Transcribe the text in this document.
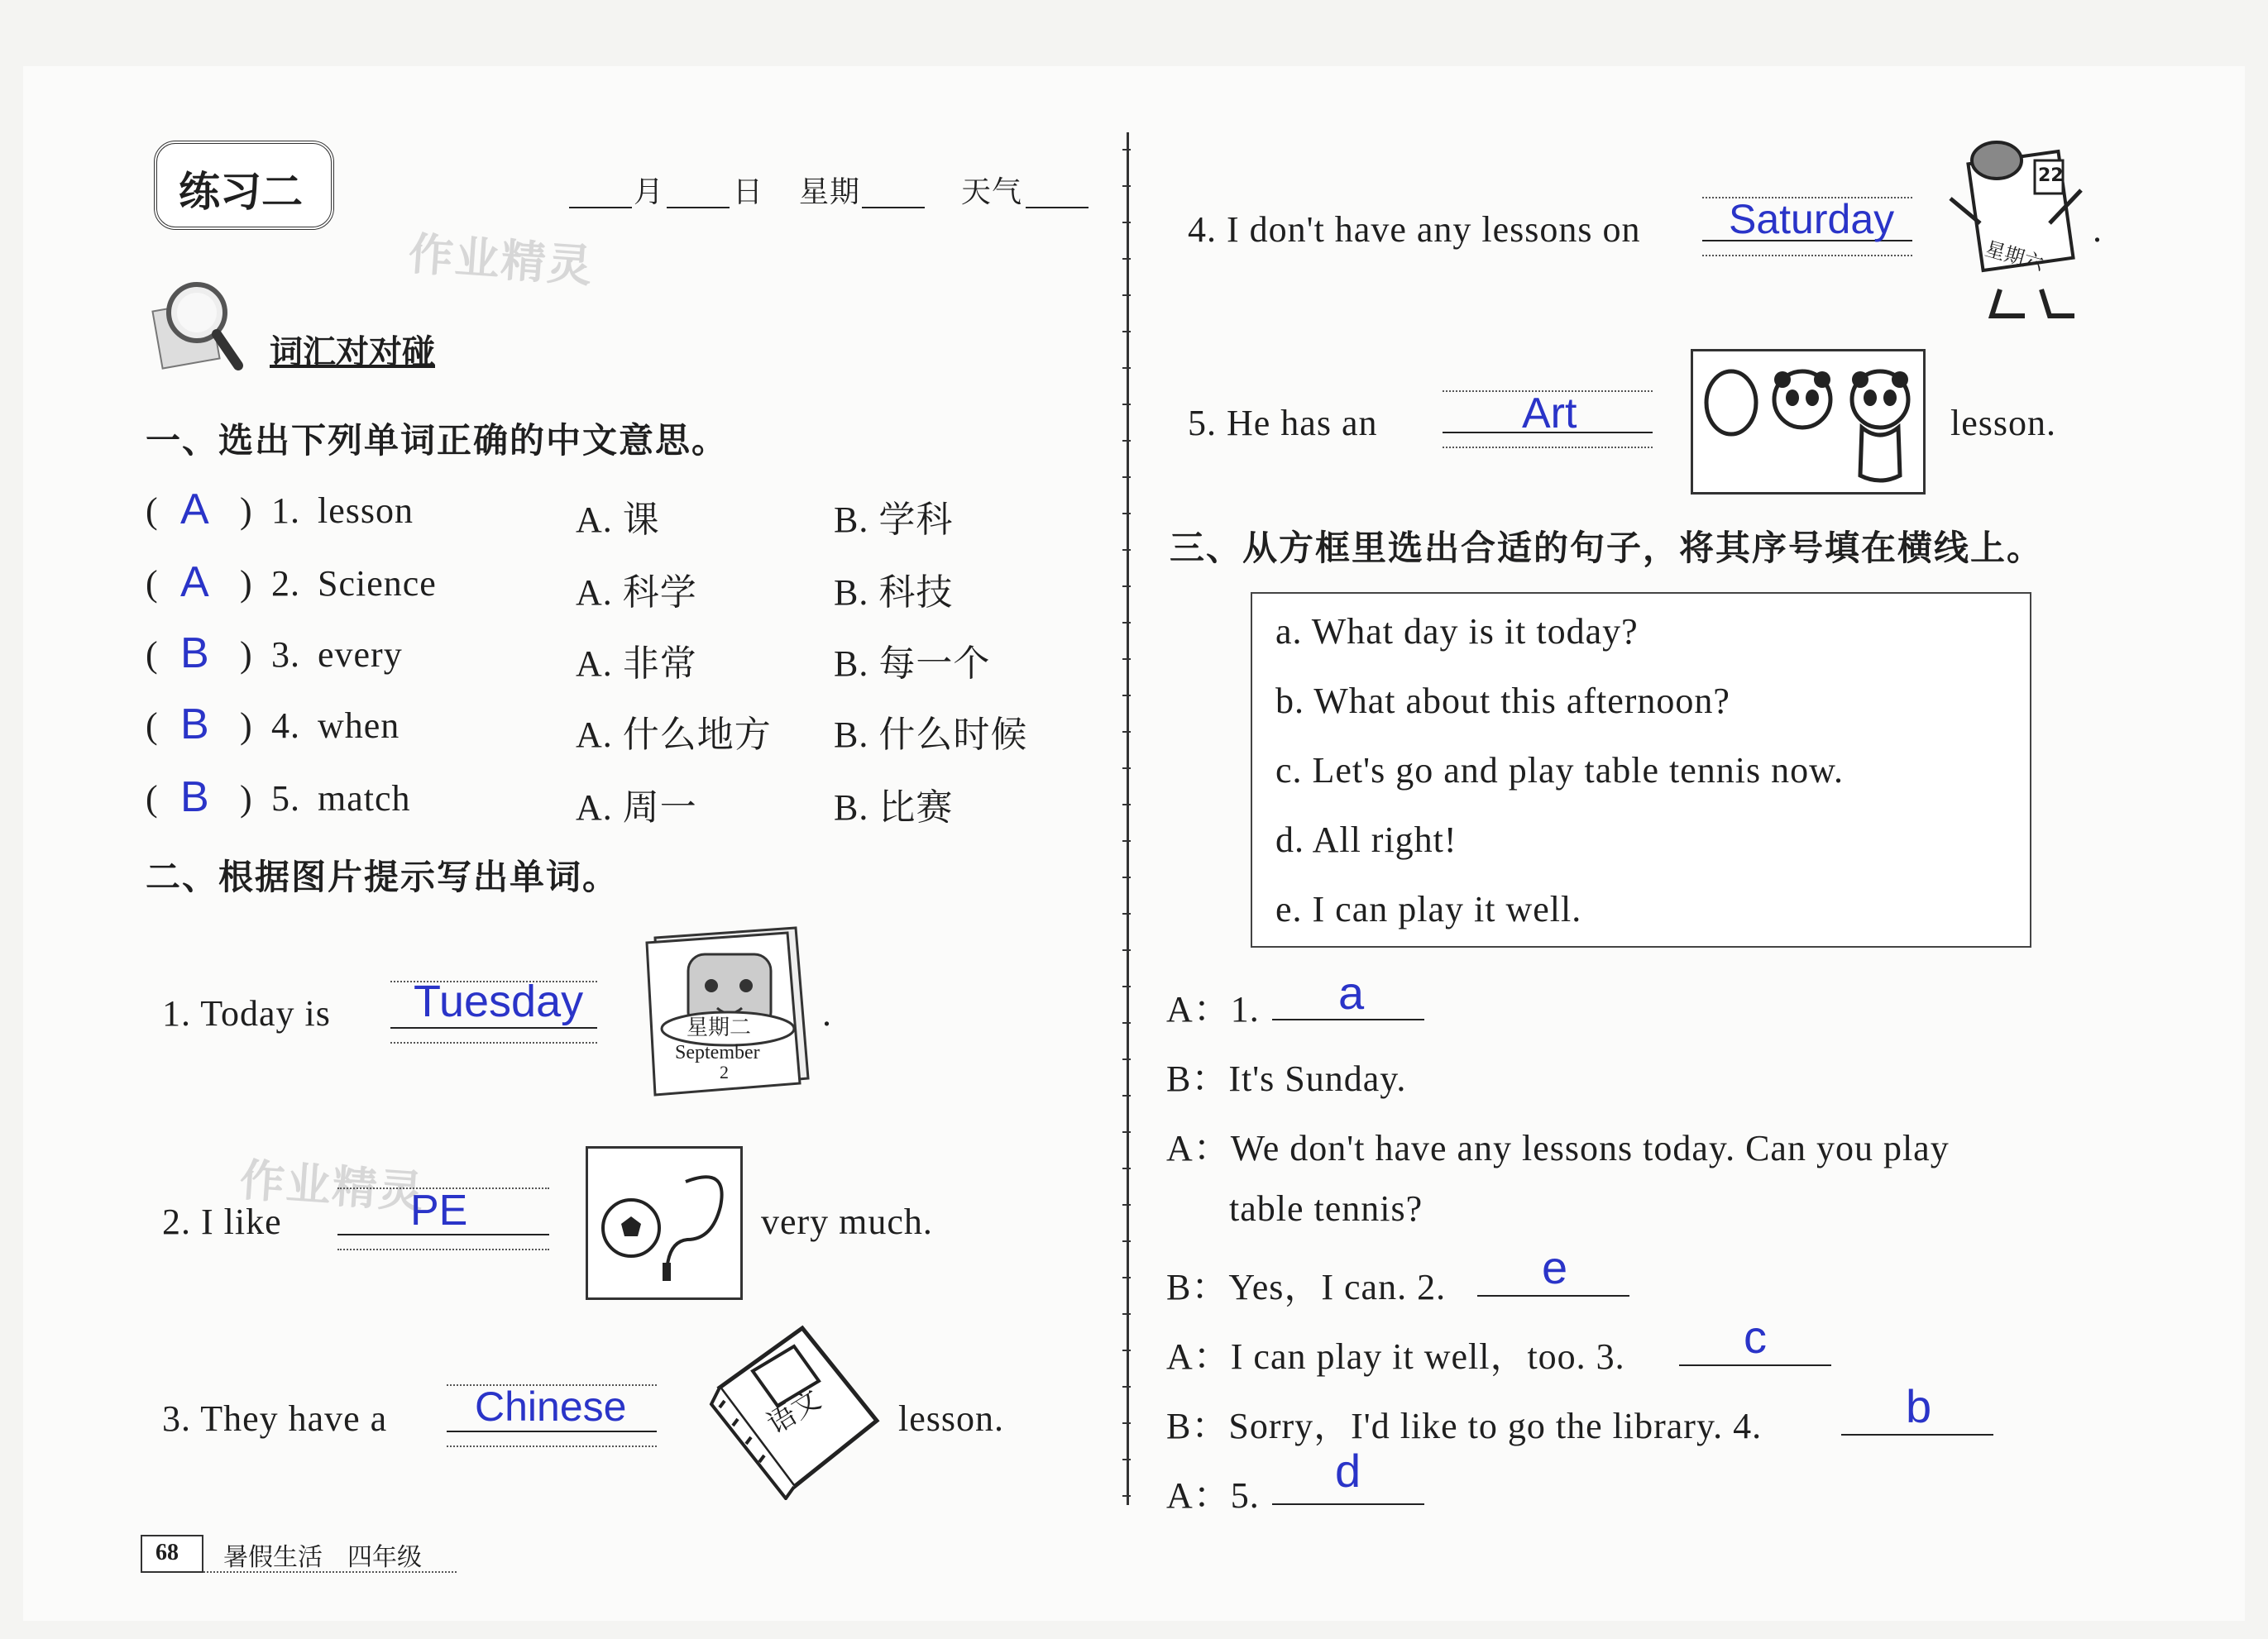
练习二	月 日 星期	天气
作业精灵
词汇对对碰
一、选出下列单词正确的中文意思。
( A ) 1. lesson	A. 课	B. 学科
( A ) 2. Science	A. 科学	B. 科技
( B ) 3. every	A. 非常	B. 每一个
( B ) 4. when	A. 什么地方 B. 什么时候
( B ) 5. match	A. 周一	B. 比赛
二、根据图片提示写出单词。
1. Today is Tuesday
星期二
September
2
.
作业精灵
2. I like	PE	very much.
3. They have a Chinese	语文 lesson.
68 暑假生活 四年级
4. I don't have any lessons on Saturday
22
星期六
.
5. He has an	Art	lesson.
三、从方框里选出合适的句子，将其序号填在横线上。
a. What day is it today?
b. What about this afternoon?
c. Let's go and play table tennis now.
d. All right!
e. I can play it well.
A：1. a
B：It's Sunday.
A：We don't have any lessons today. Can you play
table tennis?
B：Yes，I can. 2. e
A：I can play it well，too. 3.	c
B：Sorry，I'd like to go the library. 4.	b
A：5. d
